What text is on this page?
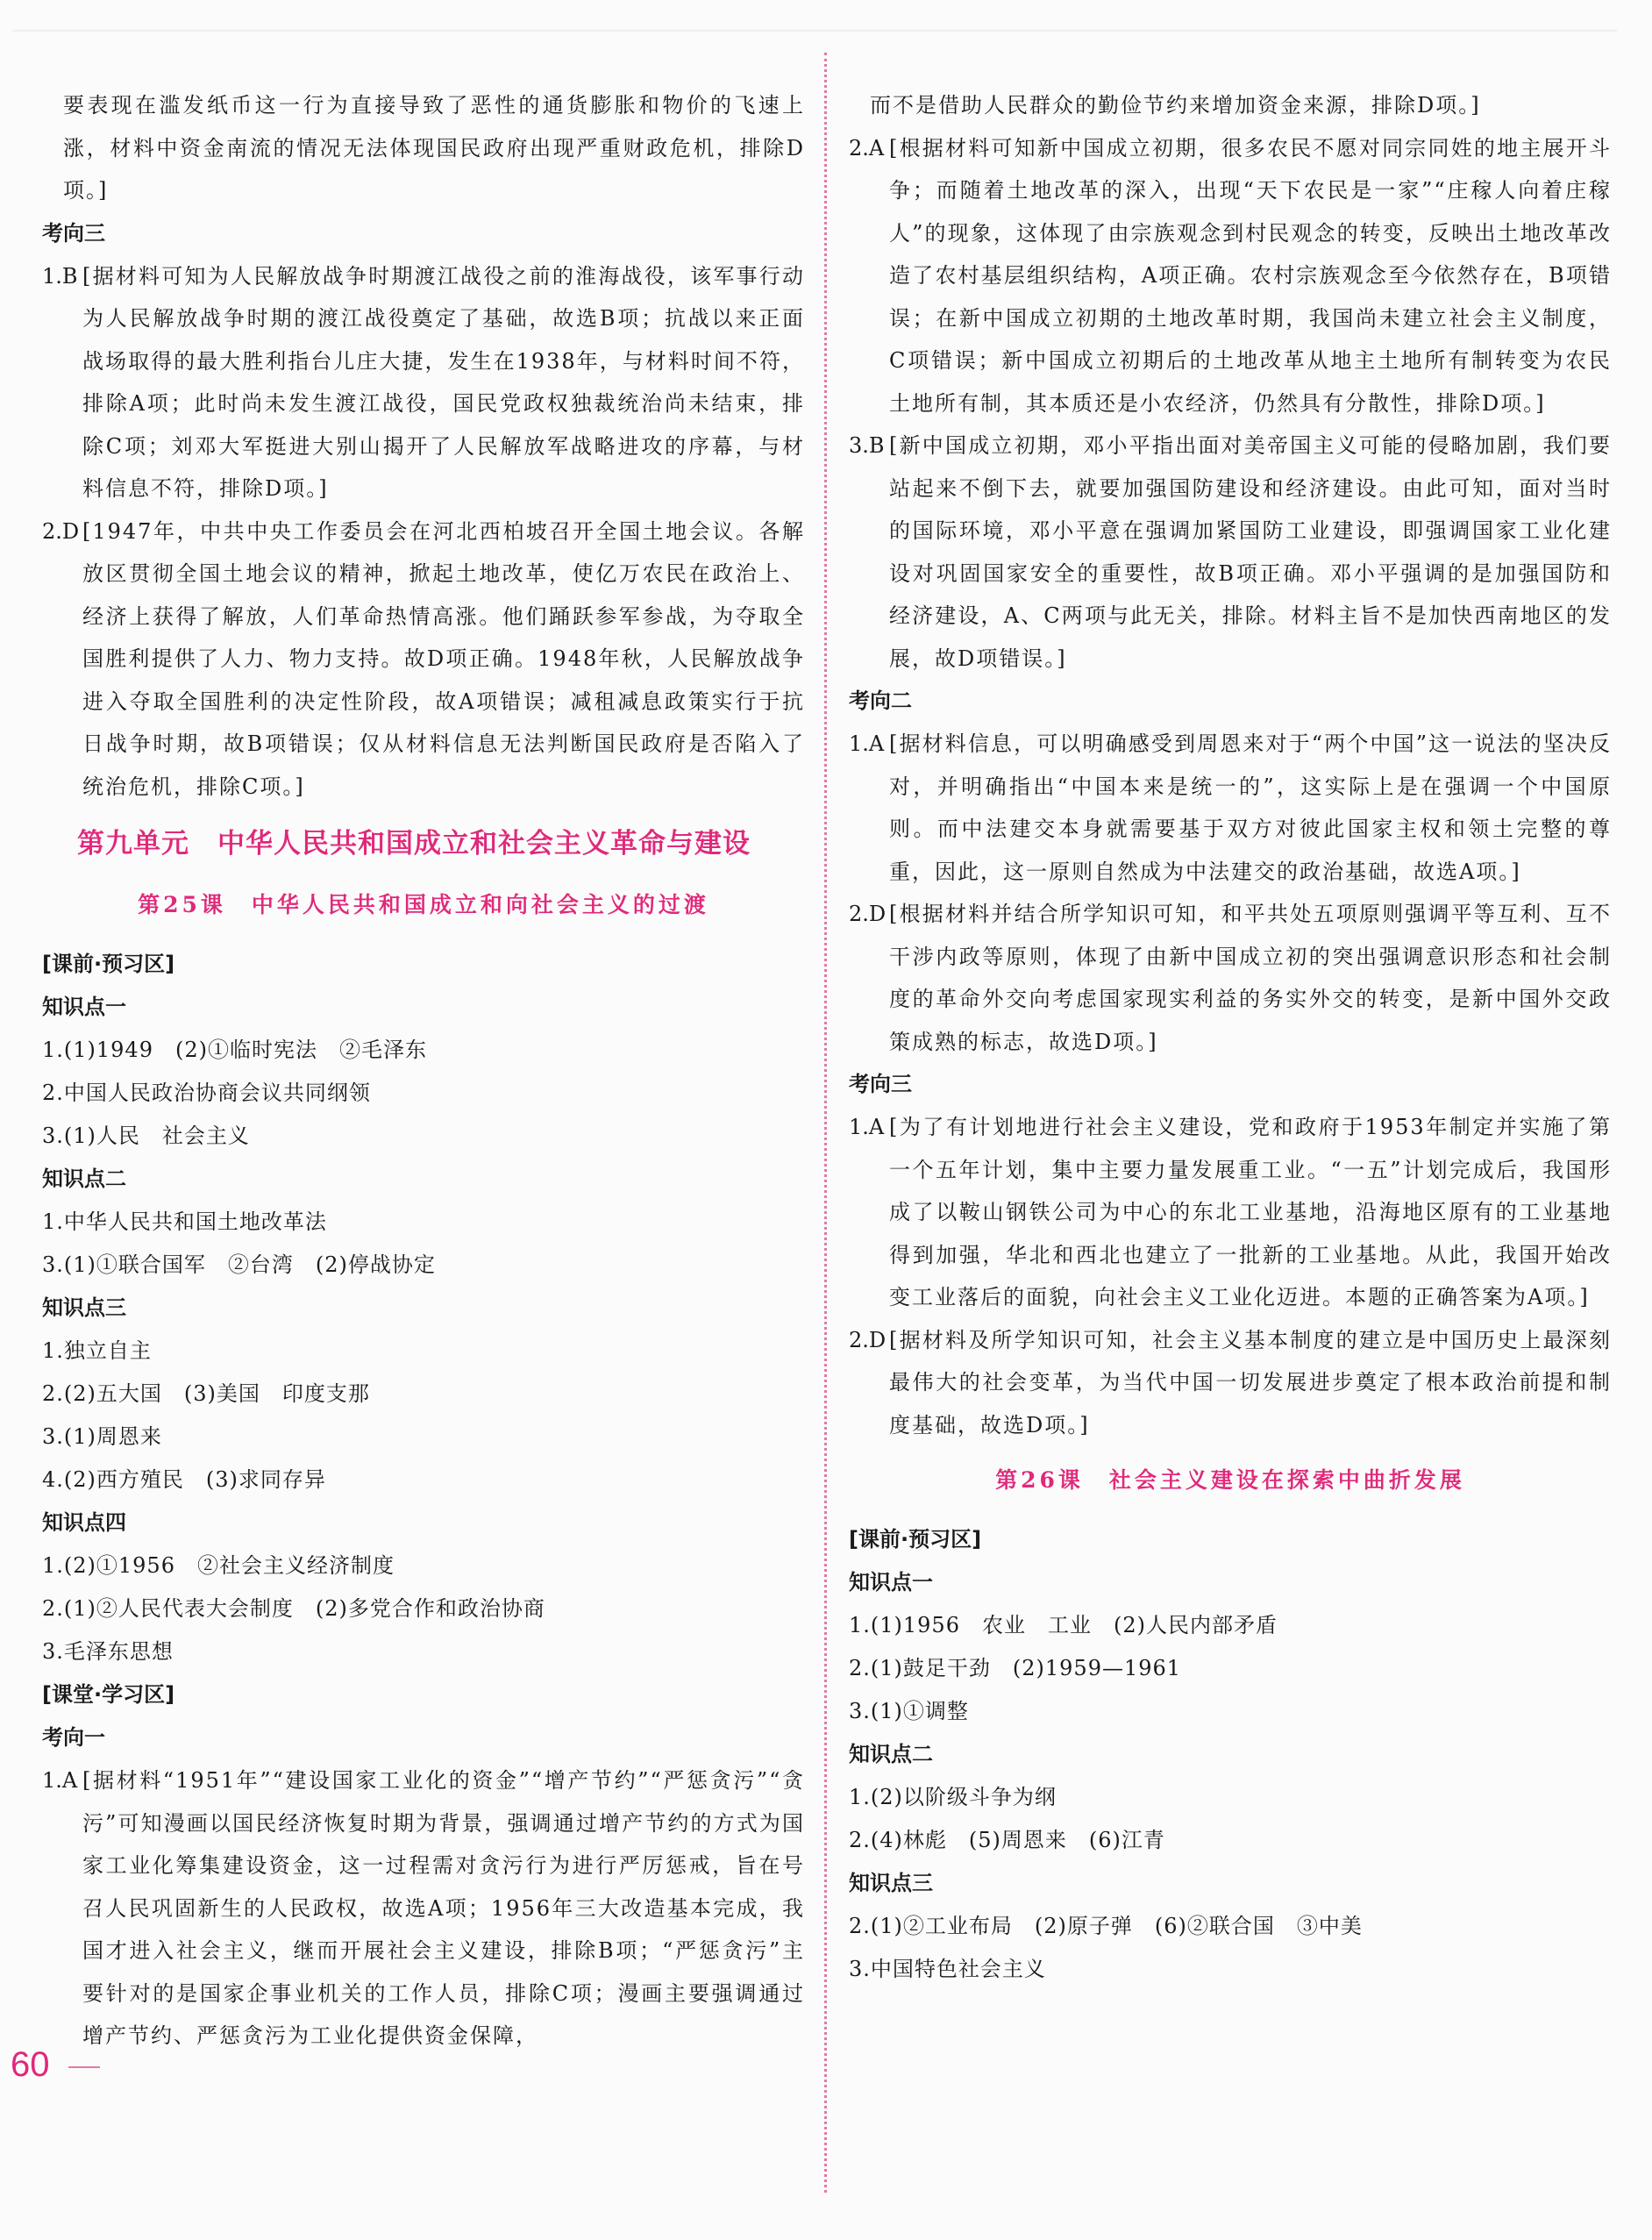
要表现在滥发纸币这一行为直接导致了恶性的通货膨胀和物价的飞速上涨，材料中资金南流的情况无法体现国民政府出现严重财政危机，排除D项。]

考向三

1.B [据材料可知为人民解放战争时期渡江战役之前的淮海战役，该军事行动为人民解放战争时期的渡江战役奠定了基础，故选B项；抗战以来正面战场取得的最大胜利指台儿庄大捷，发生在1938年，与材料时间不符，排除A项；此时尚未发生渡江战役，国民党政权独裁统治尚未结束，排除C项；刘邓大军挺进大别山揭开了人民解放军战略进攻的序幕，与材料信息不符，排除D项。]
2.D [1947年，中共中央工作委员会在河北西柏坡召开全国土地会议。各解放区贯彻全国土地会议的精神，掀起土地改革，使亿万农民在政治上、经济上获得了解放，人们革命热情高涨。他们踊跃参军参战，为夺取全国胜利提供了人力、物力支持。故D项正确。1948年秋，人民解放战争进入夺取全国胜利的决定性阶段，故A项错误；减租减息政策实行于抗日战争时期，故B项错误；仅从材料信息无法判断国民政府是否陷入了统治危机，排除C项。]

第九单元　中华人民共和国成立和社会主义革命与建设

第25课　中华人民共和国成立和向社会主义的过渡

[课前·预习区]

知识点一

1.(1)1949　(2)①临时宪法　②毛泽东

2.中国人民政治协商会议共同纲领

3.(1)人民　社会主义

知识点二

1.中华人民共和国土地改革法

3.(1)①联合国军　②台湾　(2)停战协定

知识点三

1.独立自主

2.(2)五大国　(3)美国　印度支那

3.(1)周恩来

4.(2)西方殖民　(3)求同存异

知识点四

1.(2)①1956　②社会主义经济制度

2.(1)②人民代表大会制度　(2)多党合作和政治协商

3.毛泽东思想

[课堂·学习区]

考向一

1.A [据材料“1951年”“建设国家工业化的资金”“增产节约”“严惩贪污”“贪污”可知漫画以国民经济恢复时期为背景，强调通过增产节约的方式为国家工业化筹集建设资金，这一过程需对贪污行为进行严厉惩戒，旨在号召人民巩固新生的人民政权，故选A项；1956年三大改造基本完成，我国才进入社会主义，继而开展社会主义建设，排除B项；“严惩贪污”主要针对的是国家企事业机关的工作人员，排除C项；漫画主要强调通过增产节约、严惩贪污为工业化提供资金保障，

而不是借助人民群众的勤俭节约来增加资金来源，排除D项。]

2.A [根据材料可知新中国成立初期，很多农民不愿对同宗同姓的地主展开斗争；而随着土地改革的深入，出现“天下农民是一家”“庄稼人向着庄稼人”的现象，这体现了由宗族观念到村民观念的转变，反映出土地改革改造了农村基层组织结构，A项正确。农村宗族观念至今依然存在，B项错误；在新中国成立初期的土地改革时期，我国尚未建立社会主义制度，C项错误；新中国成立初期后的土地改革从地主土地所有制转变为农民土地所有制，其本质还是小农经济，仍然具有分散性，排除D项。]
3.B [新中国成立初期，邓小平指出面对美帝国主义可能的侵略加剧，我们要站起来不倒下去，就要加强国防建设和经济建设。由此可知，面对当时的国际环境，邓小平意在强调加紧国防工业建设，即强调国家工业化建设对巩固国家安全的重要性，故B项正确。邓小平强调的是加强国防和经济建设，A、C两项与此无关，排除。材料主旨不是加快西南地区的发展，故D项错误。]

考向二

1.A [据材料信息，可以明确感受到周恩来对于“两个中国”这一说法的坚决反对，并明确指出“中国本来是统一的”，这实际上是在强调一个中国原则。而中法建交本身就需要基于双方对彼此国家主权和领土完整的尊重，因此，这一原则自然成为中法建交的政治基础，故选A项。]
2.D [根据材料并结合所学知识可知，和平共处五项原则强调平等互利、互不干涉内政等原则，体现了由新中国成立初的突出强调意识形态和社会制度的革命外交向考虑国家现实利益的务实外交的转变，是新中国外交政策成熟的标志，故选D项。]

考向三

1.A [为了有计划地进行社会主义建设，党和政府于1953年制定并实施了第一个五年计划，集中主要力量发展重工业。“一五”计划完成后，我国形成了以鞍山钢铁公司为中心的东北工业基地，沿海地区原有的工业基地得到加强，华北和西北也建立了一批新的工业基地。从此，我国开始改变工业落后的面貌，向社会主义工业化迈进。本题的正确答案为A项。]
2.D [据材料及所学知识可知，社会主义基本制度的建立是中国历史上最深刻最伟大的社会变革，为当代中国一切发展进步奠定了根本政治前提和制度基础，故选D项。]

第26课　社会主义建设在探索中曲折发展

[课前·预习区]

知识点一

1.(1)1956　农业　工业　(2)人民内部矛盾

2.(1)鼓足干劲　(2)1959—1961

3.(1)①调整

知识点二

1.(2)以阶级斗争为纲

2.(4)林彪　(5)周恩来　(6)江青

知识点三

2.(1)②工业布局　(2)原子弹　(6)②联合国　③中美

3.中国特色社会主义

60
